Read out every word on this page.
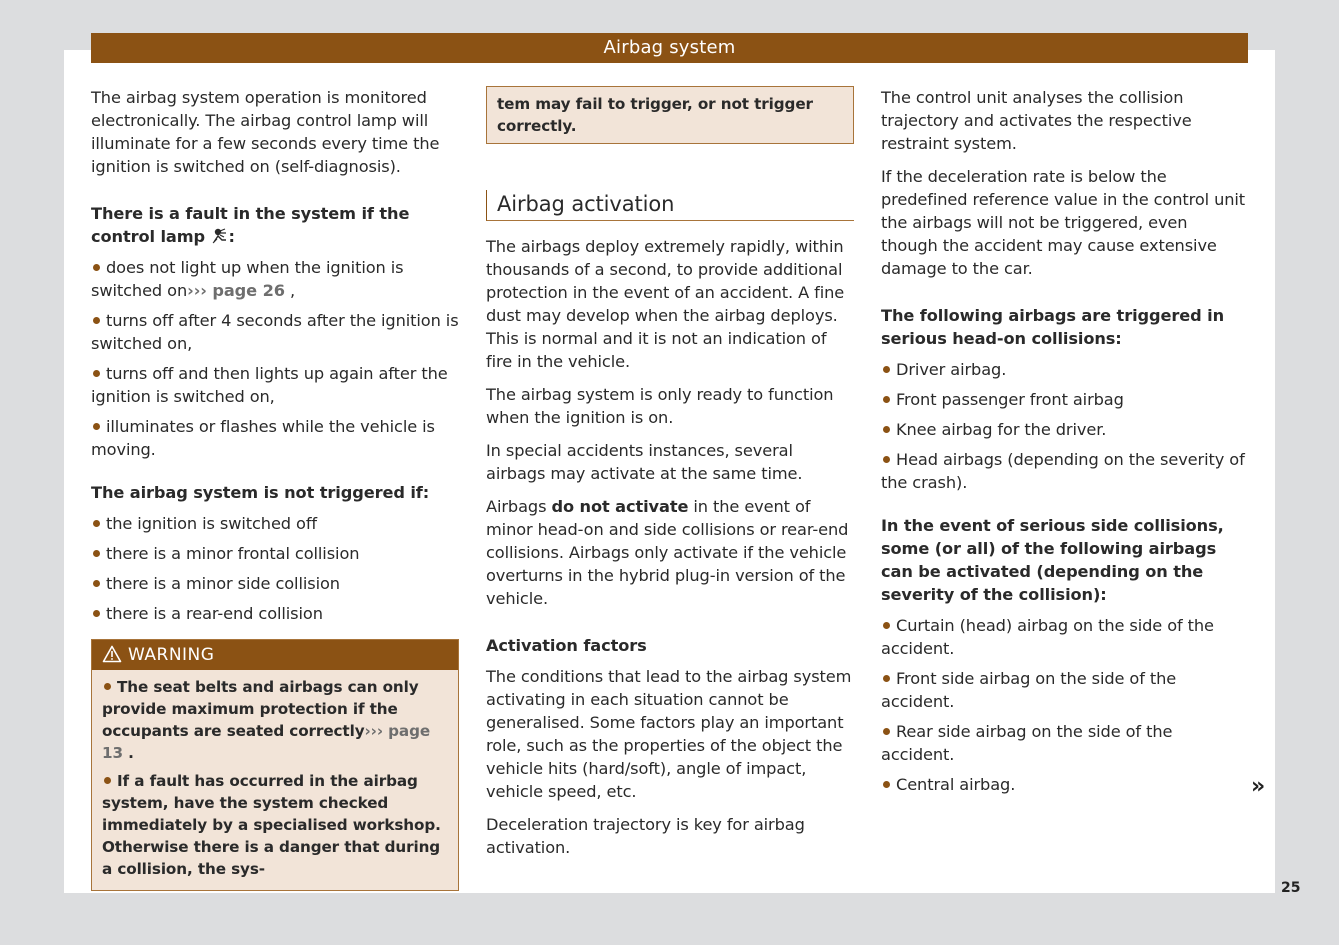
Airbag system

The airbag system operation is monitored electronically. The airbag control lamp will illuminate for a few seconds every time the ignition is switched on (self-diagnosis).

There is a fault in the system if the control lamp :

does not light up when the ignition is switched on››› page 26 ,
turns off after 4 seconds after the ignition is switched on,
turns off and then lights up again after the ignition is switched on,
illuminates or flashes while the vehicle is moving.

The airbag system is not triggered if:

the ignition is switched off
there is a minor frontal collision
there is a minor side collision
there is a rear-end collision
WARNING

The seat belts and airbags can only provide maximum protection if the occupants are seated correctly››› page 13 .

If a fault has occurred in the airbag system, have the system checked immediately by a specialised workshop. Otherwise there is a danger that during a collision, the sys-

tem may fail to trigger, or not trigger correctly.
Airbag activation

The airbags deploy extremely rapidly, within thousands of a second, to provide additional protection in the event of an accident. A fine dust may develop when the airbag deploys. This is normal and it is not an indication of fire in the vehicle.

The airbag system is only ready to function when the ignition is on.

In special accidents instances, several airbags may activate at the same time.

Airbags do not activate in the event of minor head-on and side collisions or rear-end collisions. Airbags only activate if the vehicle overturns in the hybrid plug-in version of the vehicle.

Activation factors

The conditions that lead to the airbag system activating in each situation cannot be generalised. Some factors play an important role, such as the properties of the object the vehicle hits (hard/soft), angle of impact, vehicle speed, etc.

Deceleration trajectory is key for airbag activation.

The control unit analyses the collision trajectory and activates the respective restraint system.

If the deceleration rate is below the predefined reference value in the control unit the airbags will not be triggered, even though the accident may cause extensive damage to the car.

The following airbags are triggered in serious head-on collisions:

Driver airbag.
Front passenger front airbag
Knee airbag for the driver.
Head airbags (depending on the severity of the crash).

In the event of serious side collisions, some (or all) of the following airbags can be activated (depending on the severity of the collision):

Curtain (head) airbag on the side of the accident.
Front side airbag on the side of the accident.
Rear side airbag on the side of the accident.
Central airbag.	»
25
